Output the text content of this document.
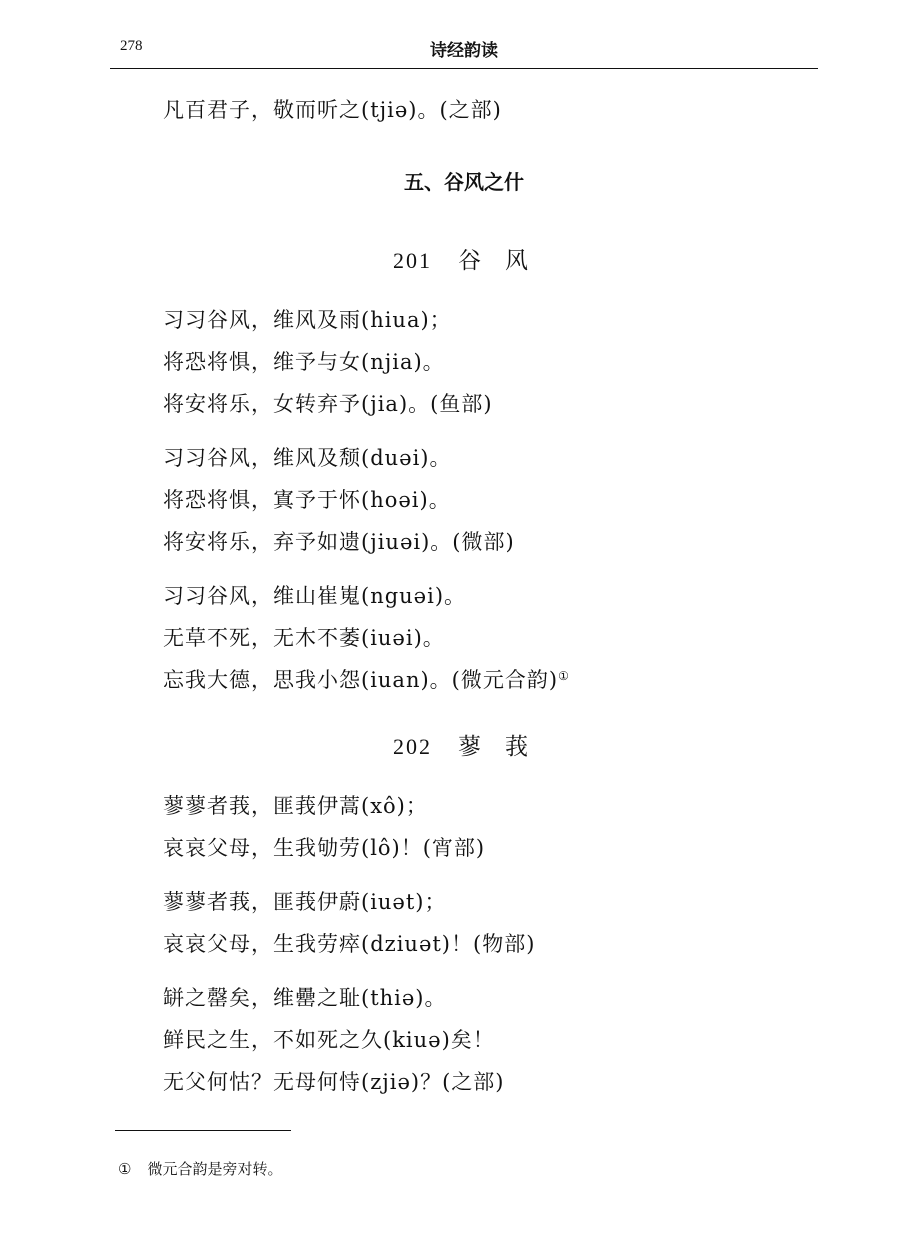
278	诗经韵读
凡百君子，敬而听之(tjiə)。(之部)
五、谷风之什
201 谷 风
习习谷风，维风及雨(hiua)；
将恐将惧，维予与女(njia)。
将安将乐，女转弃予(jia)。(鱼部)
习习谷风，维风及颓(duəi)。
将恐将惧，寘予于怀(hoəi)。
将安将乐，弃予如遗(jiuəi)。(微部)
习习谷风，维山崔嵬(nguəi)。
无草不死，无木不萎(iuəi)。
忘我大德，思我小怨(iuan)。(微元合韵)①
202 蓼 莪
蓼蓼者莪，匪莪伊蒿(xô)；
哀哀父母，生我劬劳(lô)！(宵部)
蓼蓼者莪，匪莪伊蔚(iuət)；
哀哀父母，生我劳瘁(dziuət)！(物部)
缾之罄矣，维罍之耻(thiə)。
鲜民之生，不如死之久(kiuə)矣！
无父何怙？无母何恃(zjiə)？(之部)
① 微元合韵是旁对转。
